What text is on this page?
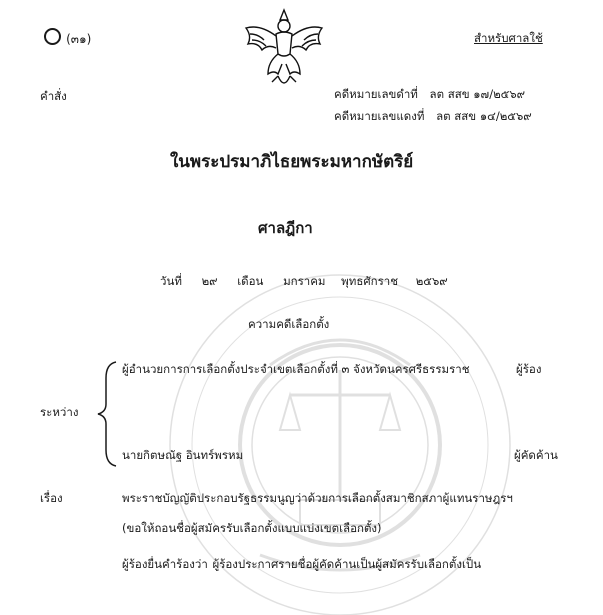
(๓๑)	สำหรับศาลใช้
คำสั่ง	คดีหมายเลขดำที่ ลต สสข ๑๗/๒๕๖๙
คดีหมายเลขแดงที่ ลต สสข ๑๔/๒๕๖๙
ในพระปรมาภิไธยพระมหากษัตริย์
ศาลฎีกา
วันที่ ๒๙ เดือน มกราคม พุทธศักราช ๒๕๖๙
ความคดีเลือกตั้ง
ผู้อำนวยการการเลือกตั้งประจำเขตเลือกตั้งที่ ๓ จังหวัดนครศรีธรรมราช	ผู้ร้อง
ระหว่าง
นายกิตษณัฐ อินทร์พรหม	ผู้คัดค้าน
เรื่อง	พระราชบัญญัติประกอบรัฐธรรมนูญว่าด้วยการเลือกตั้งสมาชิกสภาผู้แทนราษฎรฯ
(ขอให้ถอนชื่อผู้สมัครรับเลือกตั้งแบบแบ่งเขตเลือกตั้ง)
ผู้ร้องยื่นคำร้องว่า ผู้ร้องประกาศรายชื่อผู้คัดค้านเป็นผู้สมัครรับเลือกตั้งเป็น
